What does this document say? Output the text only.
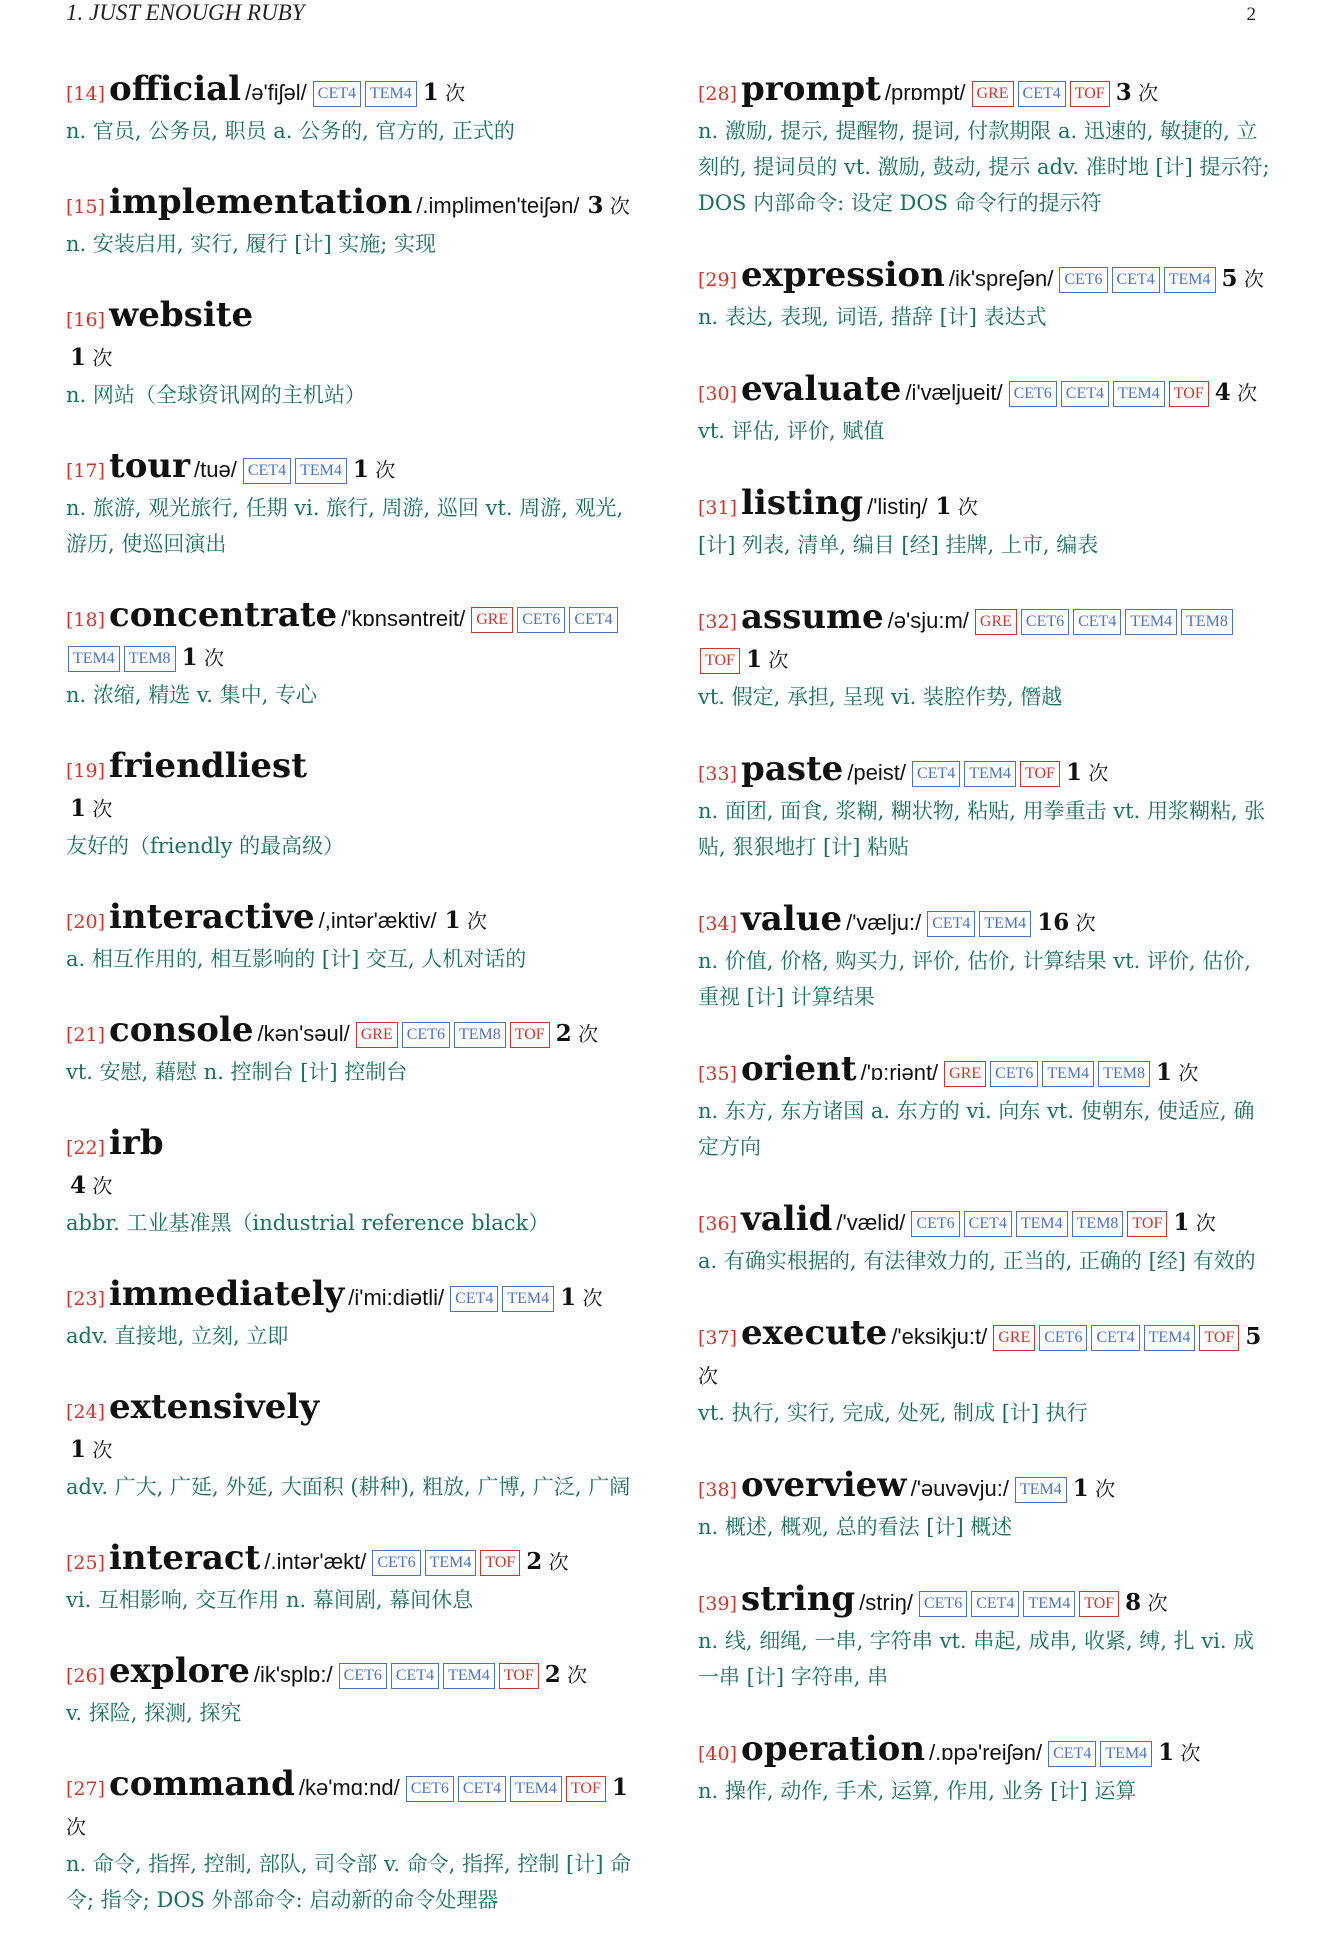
1. JUST ENOUGH RUBY	2
[14] official /ə'fiʃəl/ CET4 TEM4 1 次
n. 官员, 公务员, 职员 a. 公务的, 官方的, 正式的
[15] implementation /.implimen'teiʃən/ 3 次
n. 安装启用, 实行, 履行 [计] 实施; 实现
[16] website
1 次
n. 网站（全球资讯网的主机站）
[17] tour /tuə/ CET4 TEM4 1 次
n. 旅游, 观光旅行, 任期 vi. 旅行, 周游, 巡回 vt. 周游, 观光, 游历, 使巡回演出
[18] concentrate /'kɒnsəntreit/ GRE CET6 CET4TEM4 TEM8 1 次
n. 浓缩, 精选 v. 集中, 专心
[19] friendliest
1 次
友好的（friendly 的最高级）
[20] interactive /,intər'æktiv/ 1 次
a. 相互作用的, 相互影响的 [计] 交互, 人机对话的
[21] console /kən'səul/ GRE CET6 TEM8 TOF 2 次
vt. 安慰, 藉慰 n. 控制台 [计] 控制台
[22] irb
4 次
abbr. 工业基准黑（industrial reference black）
[23] immediately /i'mi:diətli/ CET4 TEM4 1 次
adv. 直接地, 立刻, 立即
[24] extensively
1 次
adv. 广大, 广延, 外延, 大面积 (耕种), 粗放, 广博, 广泛, 广阔
[25] interact /.intər'ækt/ CET6 TEM4 TOF 2 次
vi. 互相影响, 交互作用 n. 幕间剧, 幕间休息
[26] explore /ik'splɒ:/ CET6 CET4 TEM4 TOF 2 次
v. 探险, 探测, 探究
[27] command /kə'mɑ:nd/ CET6 CET4 TEM4 TOF 1 次
n. 命令, 指挥, 控制, 部队, 司令部 v. 命令, 指挥, 控制 [计] 命令; 指令; DOS 外部命令: 启动新的命令处理器
[28] prompt /prɒmpt/ GRE CET4 TOF 3 次
n. 激励, 提示, 提醒物, 提词, 付款期限 a. 迅速的, 敏捷的, 立刻的, 提词员的 vt. 激励, 鼓动, 提示 adv. 准时地 [计] 提示符; DOS 内部命令: 设定 DOS 命令行的提示符
[29] expression /ik'spreʃən/ CET6 CET4 TEM4 5 次
n. 表达, 表现, 词语, 措辞 [计] 表达式
[30] evaluate /i'væljueit/ CET6 CET4 TEM4 TOF 4 次
vt. 评估, 评价, 赋值
[31] listing /'listiŋ/ 1 次
[计] 列表, 清单, 编目 [经] 挂牌, 上市, 编表
[32] assume /ə'sju:m/ GRE CET6 CET4 TEM4 TEM8TOF 1 次
vt. 假定, 承担, 呈现 vi. 装腔作势, 僭越
[33] paste /peist/ CET4 TEM4 TOF 1 次
n. 面团, 面食, 浆糊, 糊状物, 粘贴, 用拳重击 vt. 用浆糊粘, 张贴, 狠狠地打 [计] 粘贴
[34] value /'vælju:/ CET4 TEM4 16 次
n. 价值, 价格, 购买力, 评价, 估价, 计算结果 vt. 评价, 估价, 重视 [计] 计算结果
[35] orient /'ɒ:riənt/ GRE CET6 TEM4 TEM8 1 次
n. 东方, 东方诸国 a. 东方的 vi. 向东 vt. 使朝东, 使适应, 确定方向
[36] valid /'vælid/ CET6 CET4 TEM4 TEM8 TOF 1 次
a. 有确实根据的, 有法律效力的, 正当的, 正确的 [经] 有效的
[37] execute /'eksikju:t/ GRE CET6 CET4 TEM4 TOF 5 次
vt. 执行, 实行, 完成, 处死, 制成 [计] 执行
[38] overview /'əuvəvju:/ TEM4 1 次
n. 概述, 概观, 总的看法 [计] 概述
[39] string /striŋ/ CET6 CET4 TEM4 TOF 8 次
n. 线, 细绳, 一串, 字符串 vt. 串起, 成串, 收紧, 缚, 扎 vi. 成一串 [计] 字符串, 串
[40] operation /.ɒpə'reiʃən/ CET4 TEM4 1 次
n. 操作, 动作, 手术, 运算, 作用, 业务 [计] 运算
